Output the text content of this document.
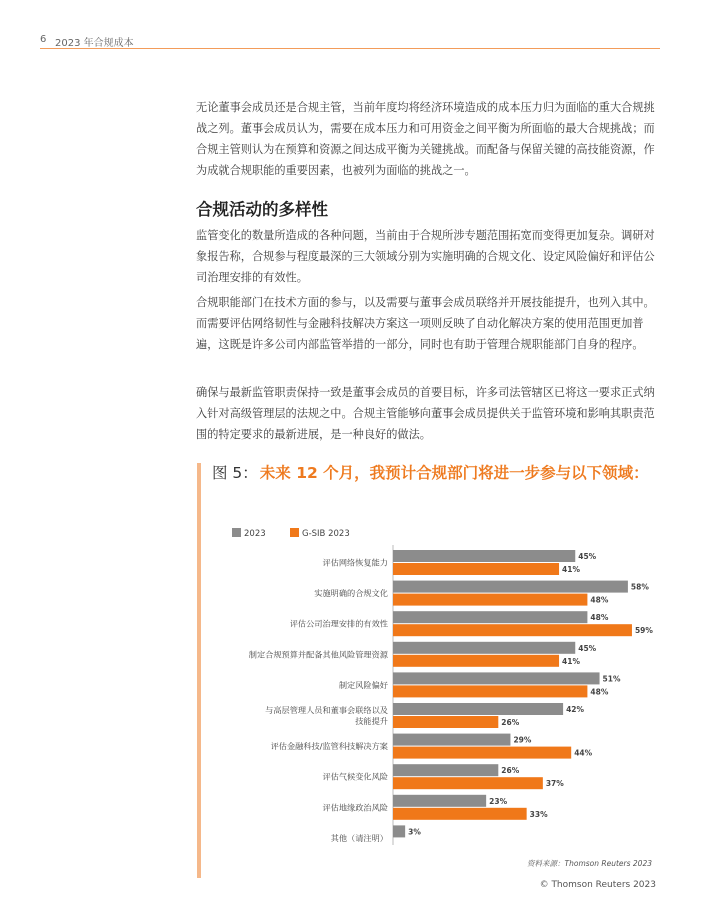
6 2023 年合规成本

无论董事会成员还是合规主管，当前年度均将经济环境造成的成本压力归为面临的重大合规挑战之列。董事会成员认为，需要在成本压力和可用资金之间平衡为所面临的最大合规挑战；而合规主管则认为在预算和资源之间达成平衡为关键挑战。而配备与保留关键的高技能资源，作为成就合规职能的重要因素，也被列为面临的挑战之一。

合规活动的多样性

监管变化的数量所造成的各种问题，当前由于合规所涉专题范围拓宽而变得更加复杂。调研对象报告称，合规参与程度最深的三大领域分别为实施明确的合规文化、设定风险偏好和评估公司治理安排的有效性。

合规职能部门在技术方面的参与，以及需要与董事会成员联络并开展技能提升，也列入其中。而需要评估网络韧性与金融科技解决方案这一项则反映了自动化解决方案的使用范围更加普遍，这既是许多公司内部监管举措的一部分，同时也有助于管理合规职能部门自身的程序。

确保与最新监管职责保持一致是董事会成员的首要目标，许多司法管辖区已将这一要求正式纳入针对高级管理层的法规之中。合规主管能够向董事会成员提供关于监管环境和影响其职责范围的特定要求的最新进展，是一种良好的做法。

图 5： 未来 12 个月，我预计合规部门将进一步参与以下领域：
2023	G-SIB 2023
评估网络恢复能力
45%
41%
实施明确的合规文化
58%
48%
评估公司治理安排的有效性
48%
59%
制定合规预算并配备其他风险管理资源
45%
41%
制定风险偏好
51%
48%
与高层管理人员和董事会联络以及
技能提升
42%
26%
评估金融科技/监管科技解决方案
29%
44%
评估气候变化风险
26%
37%
评估地缘政治风险
23%
33%
其他（请注明）
3%
资料来源：Thomson Reuters 2023
© Thomson Reuters 2023
